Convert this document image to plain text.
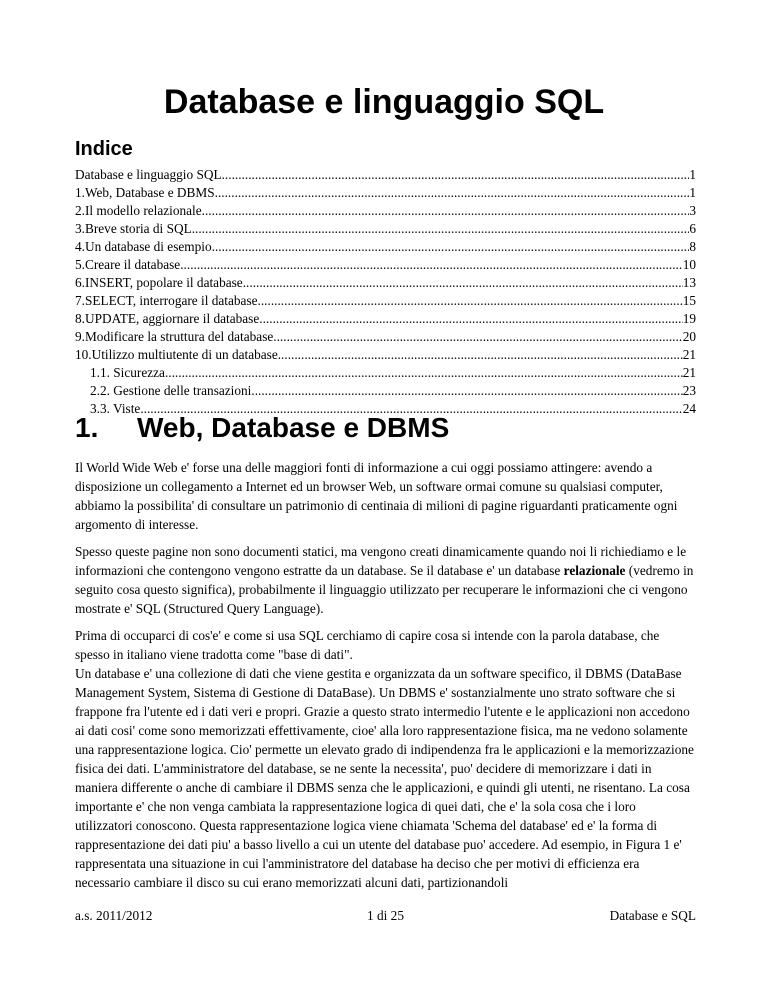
Database e linguaggio SQL
Indice
Database e linguaggio SQL .....	1
1.Web, Database e DBMS .....	1
2.Il modello relazionale .....	3
3.Breve storia di SQL .....	6
4.Un database di esempio .....	8
5.Creare il database .....	10
6.INSERT, popolare il database .....	13
7.SELECT, interrogare il database .....	15
8.UPDATE, aggiornare il database .....	19
9.Modificare la struttura del database .....	20
10.Utilizzo multiutente di un database .....	21
1.1. Sicurezza .....	21
2.2. Gestione delle transazioni .....	23
3.3. Viste .....	24
1. Web, Database e DBMS

Il World Wide Web e' forse una delle maggiori fonti di informazione a cui oggi possiamo attingere: avendo a disposizione un collegamento a Internet ed un browser Web, un software ormai comune su qualsiasi computer, abbiamo la possibilita' di consultare un patrimonio di centinaia di milioni di pagine riguardanti praticamente ogni argomento di interesse.

Spesso queste pagine non sono documenti statici, ma vengono creati dinamicamente quando noi li richiediamo e le informazioni che contengono vengono estratte da un database. Se il database e' un database relazionale (vedremo in seguito cosa questo significa), probabilmente il linguaggio utilizzato per recuperare le informazioni che ci vengono mostrate e' SQL (Structured Query Language).

Prima di occuparci di cos'e' e come si usa SQL cerchiamo di capire cosa si intende con la parola database, che spesso in italiano viene tradotta come "base di dati".
Un database e' una collezione di dati che viene gestita e organizzata da un software specifico, il DBMS (DataBase Management System, Sistema di Gestione di DataBase). Un DBMS e' sostanzialmente uno strato software che si frappone fra l'utente ed i dati veri e propri. Grazie a questo strato intermedio l'utente e le applicazioni non accedono ai dati cosi' come sono memorizzati effettivamente, cioe' alla loro rappresentazione fisica, ma ne vedono solamente una rappresentazione logica. Cio' permette un elevato grado di indipendenza fra le applicazioni e la memorizzazione fisica dei dati. L'amministratore del database, se ne sente la necessita', puo' decidere di memorizzare i dati in maniera differente o anche di cambiare il DBMS senza che le applicazioni, e quindi gli utenti, ne risentano. La cosa importante e' che non venga cambiata la rappresentazione logica di quei dati, che e' la sola cosa che i loro utilizzatori conoscono. Questa rappresentazione logica viene chiamata 'Schema del database' ed e' la forma di rappresentazione dei dati piu' a basso livello a cui un utente del database puo' accedere. Ad esempio, in Figura 1 e' rappresentata una situazione in cui l'amministratore del database ha deciso che per motivi di efficienza era necessario cambiare il disco su cui erano memorizzati alcuni dati, partizionandoli

a.s. 2011/2012	1 di 25	Database e SQL
